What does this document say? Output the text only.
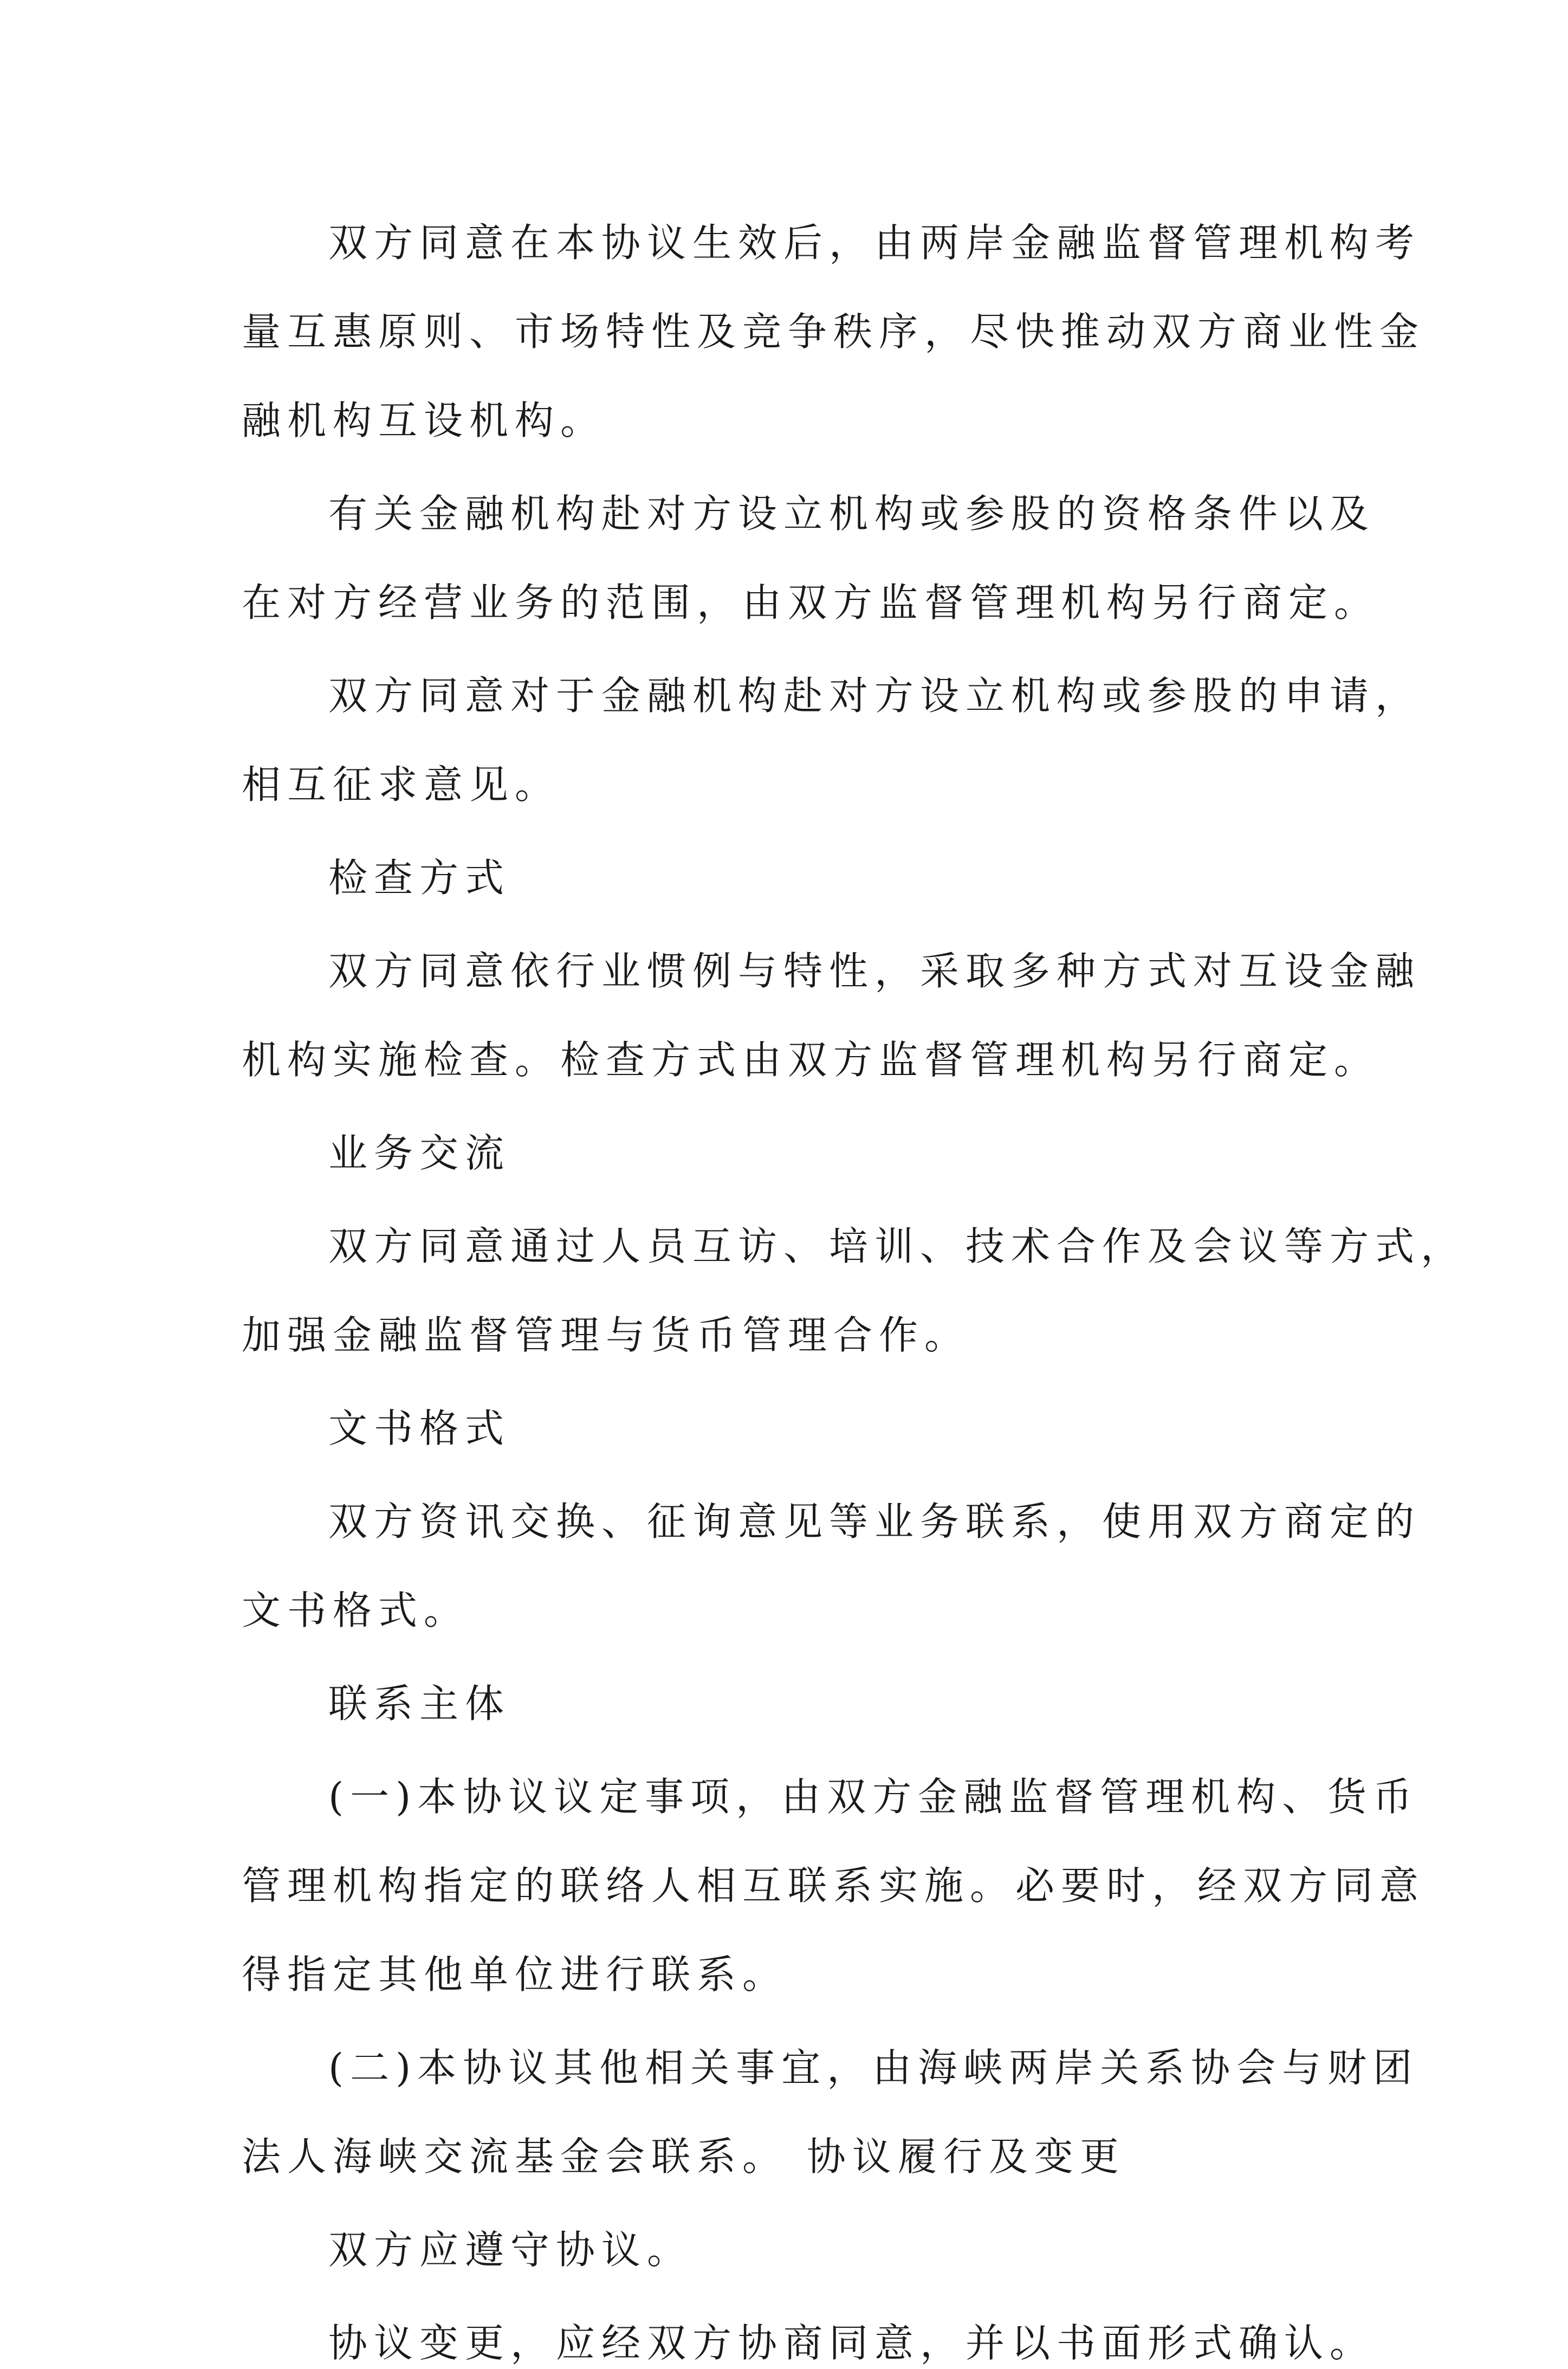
双方同意在本协议生效后，由两岸金融监督管理机构考
量互惠原则、市场特性及竞争秩序，尽快推动双方商业性金
融机构互设机构。
有关金融机构赴对方设立机构或参股的资格条件以及
在对方经营业务的范围，由双方监督管理机构另行商定。
双方同意对于金融机构赴对方设立机构或参股的申请，
相互征求意见。
检查方式
双方同意依行业惯例与特性，采取多种方式对互设金融
机构实施检查。检查方式由双方监督管理机构另行商定。
业务交流
双方同意通过人员互访、培训、技术合作及会议等方式，
加强金融监督管理与货币管理合作。
文书格式
双方资讯交换、征询意见等业务联系，使用双方商定的
文书格式。
联系主体
(一)本协议议定事项，由双方金融监督管理机构、货币
管理机构指定的联络人相互联系实施。必要时，经双方同意
得指定其他单位进行联系。
(二)本协议其他相关事宜，由海峡两岸关系协会与财团
法人海峡交流基金会联系。 协议履行及变更
双方应遵守协议。
协议变更，应经双方协商同意，并以书面形式确认。
